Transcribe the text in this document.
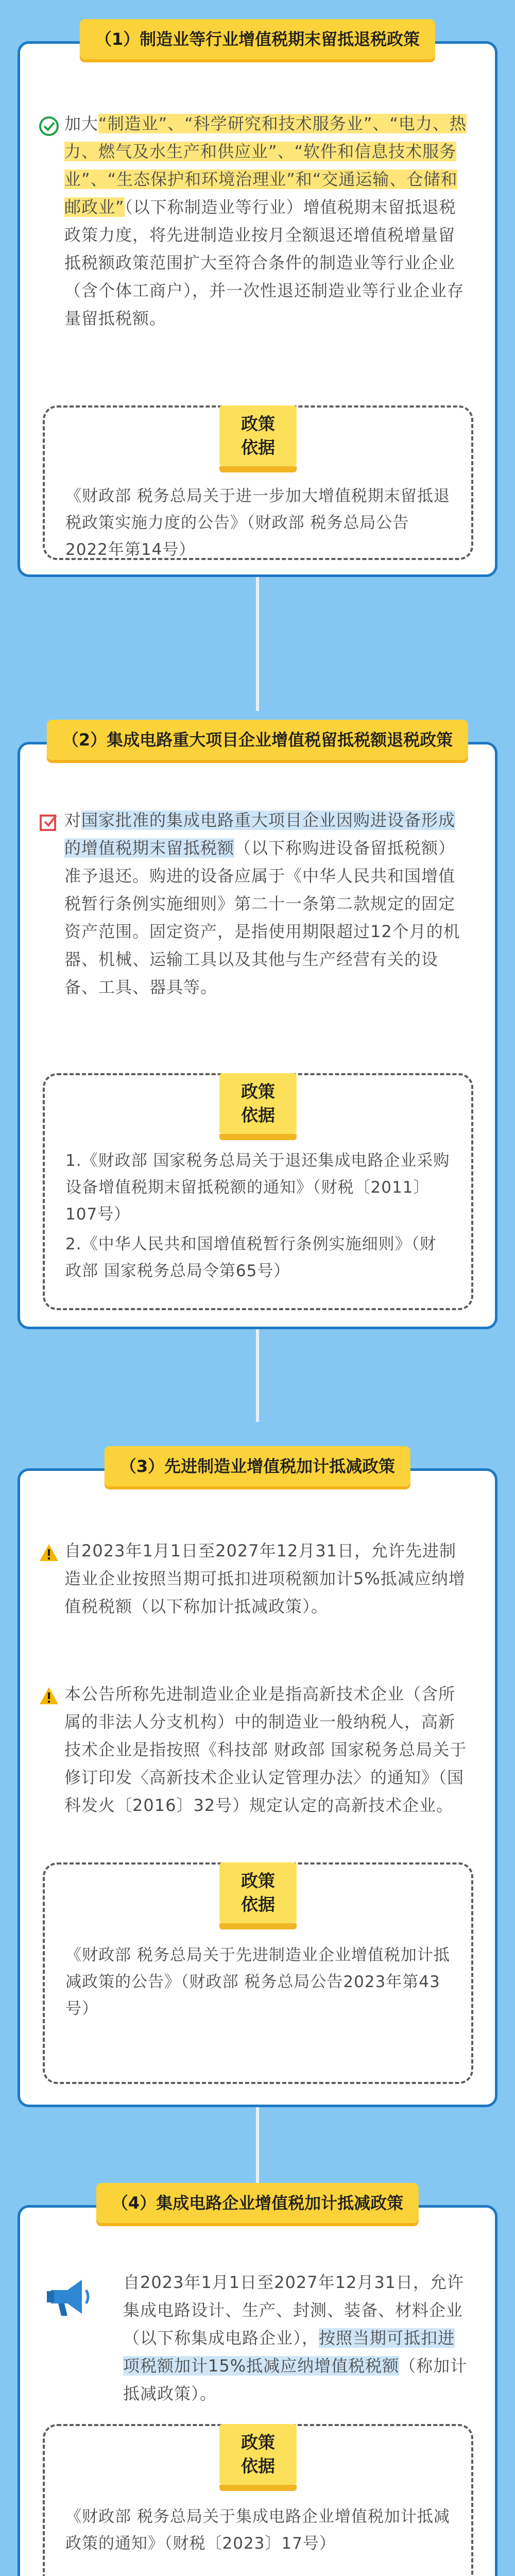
（1）制造业等行业增值税期末留抵退税政策
加大“制造业”、“科学研究和技术服务业”、“电力、热力、燃气及水生产和供应业”、“软件和信息技术服务业”、“生态保护和环境治理业”和“交通运输、仓储和邮政业”（以下称制造业等行业）增值税期末留抵退税政策力度，将先进制造业按月全额退还增值税增量留抵税额政策范围扩大至符合条件的制造业等行业企业（含个体工商户），并一次性退还制造业等行业企业存量留抵税额。
政策
依据
《财政部 税务总局关于进一步加大增值税期末留抵退税政策实施力度的公告》（财政部 税务总局公告2022年第14号）
（2）集成电路重大项目企业增值税留抵税额退税政策
对国家批准的集成电路重大项目企业因购进设备形成的增值税期末留抵税额（以下称购进设备留抵税额）准予退还。购进的设备应属于《中华人民共和国增值税暂行条例实施细则》第二十一条第二款规定的固定资产范围。固定资产，是指使用期限超过12个月的机器、机械、运输工具以及其他与生产经营有关的设备、工具、器具等。
政策
依据
1.《财政部 国家税务总局关于退还集成电路企业采购设备增值税期末留抵税额的通知》（财税〔2011〕107号）
2.《中华人民共和国增值税暂行条例实施细则》（财政部 国家税务总局令第65号）
（3）先进制造业增值税加计抵减政策
自2023年1月1日至2027年12月31日，允许先进制造业企业按照当期可抵扣进项税额加计5%抵减应纳增值税税额（以下称加计抵减政策）。
本公告所称先进制造业企业是指高新技术企业（含所属的非法人分支机构）中的制造业一般纳税人，高新技术企业是指按照《科技部 财政部 国家税务总局关于修订印发〈高新技术企业认定管理办法〉的通知》（国科发火〔2016〕32号）规定认定的高新技术企业。
政策
依据
《财政部 税务总局关于先进制造业企业增值税加计抵减政策的公告》（财政部 税务总局公告2023年第43号）
（4）集成电路企业增值税加计抵减政策
自2023年1月1日至2027年12月31日，允许集成电路设计、生产、封测、装备、材料企业（以下称集成电路企业），按照当期可抵扣进项税额加计15%抵减应纳增值税税额（称加计抵减政策）。
政策
依据
《财政部 税务总局关于集成电路企业增值税加计抵减政策的通知》（财税〔2023〕17号）
